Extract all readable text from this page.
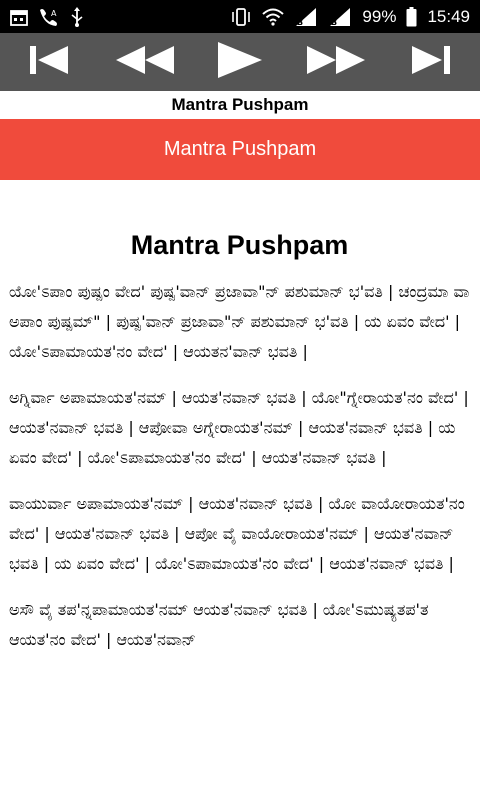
A
B	B 99% 15:49
Mantra Pushpam
Mantra Pushpam
Mantra Pushpam

ಯೋ'ಽಪಾಂ ಪುಷ್ಪಂ ವೇದ' ಪುಷ್ಪ'ವಾನ್ ಪ್ರಜಾವಾ"ನ್ ಪಶುಮಾನ್ ಭ'ವತಿ | ಚಂದ್ರಮಾ ವಾ ಅಪಾಂ ಪುಷ್ಪಮ್" | ಪುಷ್ಪ'ವಾನ್ ಪ್ರಜಾವಾ"ನ್ ಪಶುಮಾನ್ ಭ'ವತಿ | ಯ ಏವಂ ವೇದ' | ಯೋ'ಽಪಾಮಾಯತ'ನಂ ವೇದ' | ಆಯತನ'ವಾನ್ ಭವತಿ |

ಅಗ್ನಿರ್ವಾ ಅಪಾಮಾಯತ'ನಮ್ | ಆಯತ'ನವಾನ್ ಭವತಿ | ಯೋ"ಗ್ನೇರಾಯತ'ನಂ ವೇದ' | ಆಯತ'ನವಾನ್ ಭವತಿ | ಆಪೋವಾ ಅಗ್ನೇರಾಯತ'ನಮ್ | ಆಯತ'ನವಾನ್ ಭವತಿ | ಯ ಏವಂ ವೇದ' | ಯೋ'ಽಪಾಮಾಯತ'ನಂ ವೇದ' | ಆಯತ'ನವಾನ್ ಭವತಿ |

ವಾಯುರ್ವಾ ಅಪಾಮಾಯತ'ನಮ್ | ಆಯತ'ನವಾನ್ ಭವತಿ | ಯೋ ವಾಯೋರಾಯತ'ನಂ ವೇದ' | ಆಯತ'ನವಾನ್ ಭವತಿ | ಆಪೋ ವೈ ವಾಯೋರಾಯತ'ನಮ್ | ಆಯತ'ನವಾನ್ ಭವತಿ | ಯ ಏವಂ ವೇದ' | ಯೋ'ಽಪಾಮಾಯತ'ನಂ ವೇದ' | ಆಯತ'ನವಾನ್ ಭವತಿ |

ಅಸೌ ವೈ ತಪ'ನ್ನಪಾಮಾಯತ'ನಮ್ ಆಯತ'ನವಾನ್ ಭವತಿ | ಯೋ'ಽಮುಷ್ಯತಪ'ತ ಆಯತ'ನಂ ವೇದ' | ಆಯತ'ನವಾನ್
